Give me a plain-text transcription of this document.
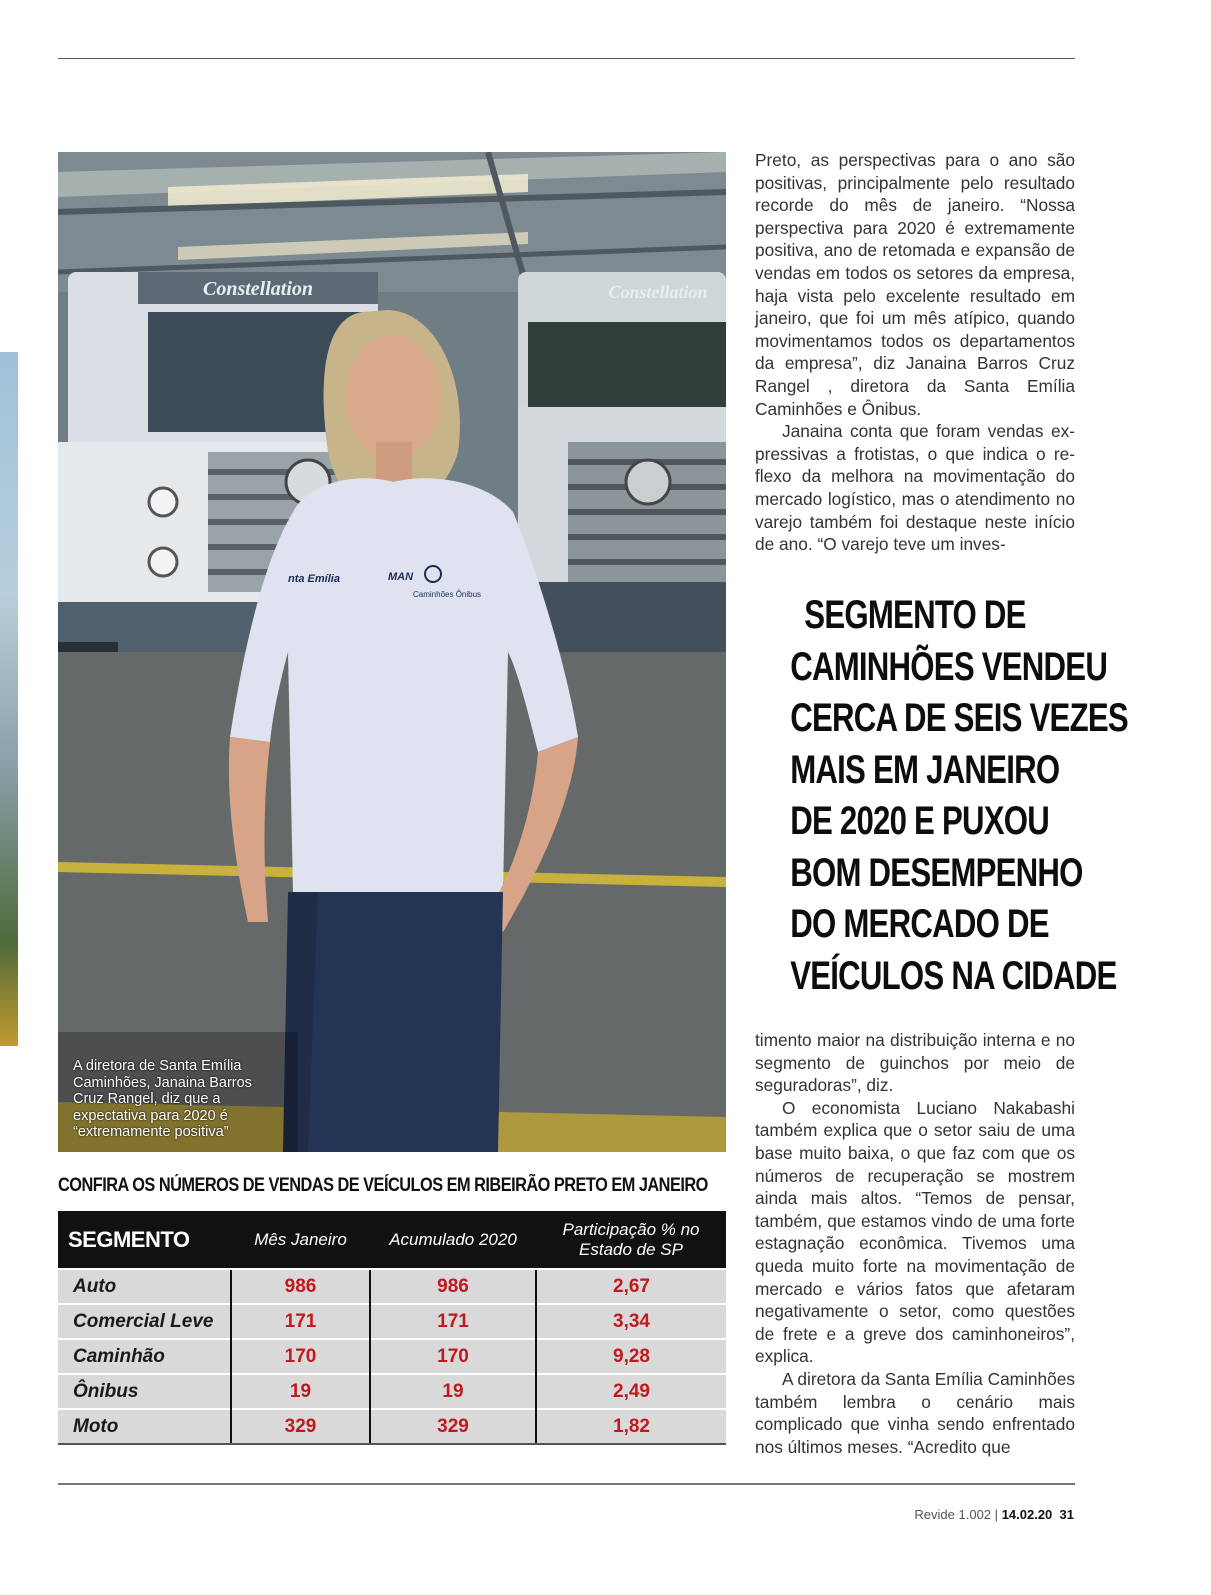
Constellation	Constellation
nta Emília	MAN
Caminhões Ônibus
A diretora de Santa Emília Caminhões, Janaina Barros Cruz Rangel, diz que a expectativa para 2020 é “extremamente positiva”
CONFIRA OS NÚMEROS DE VENDAS DE VEÍCULOS EM RIBEIRÃO PRETO EM JANEIRO
SEGMENTO	Mês Janeiro	Acumulado 2020	Participação % no Estado de SP
Auto	986	986	2,67
Comercial Leve	171	171	3,34
Caminhão	170	170	9,28
Ônibus	19	19	2,49
Moto	329	329	1,82

Preto, as perspectivas para o ano são positivas, principalmente pelo resultado recorde do mês de janeiro. “Nossa perspectiva para 2020 é extremamente positiva, ano de retomada e expansão de vendas em todos os setores da empresa, haja vista pelo excelente resultado em janeiro, que foi um mês atípico, quando movimentamos todos os departamentos da empresa”, diz Janaina Barros Cruz Rangel , diretora da Santa Emília Caminhões e Ônibus.

Janaina conta que foram vendas expressivas a frotistas, o que indica o reflexo da melhora na movimentação do mercado logístico, mas o atendimento no varejo também foi destaque neste início de ano. “O varejo teve um inves-

SEGMENTO DE
CAMINHÕES VENDEU
CERCA DE SEIS VEZES
MAIS EM JANEIRO
DE 2020 E PUXOU
BOM DESEMPENHO
DO MERCADO DE
VEÍCULOS NA CIDADE

timento maior na distribuição interna e no segmento de guinchos por meio de seguradoras”, diz.

O economista Luciano Nakabashi também explica que o setor saiu de uma base muito baixa, o que faz com que os números de recuperação se mostrem ainda mais altos. “Temos de pensar, também, que estamos vindo de uma forte estagnação econômica. Tivemos uma queda muito forte na movimentação de mercado e vários fatos que afetaram negativamente o setor, como questões de frete e a greve dos caminhoneiros”, explica.

A diretora da Santa Emília Caminhões também lembra o cenário mais complicado que vinha sendo enfrentado nos últimos meses. “Acredito que

Revide 1.002 | 14.02.20 31
